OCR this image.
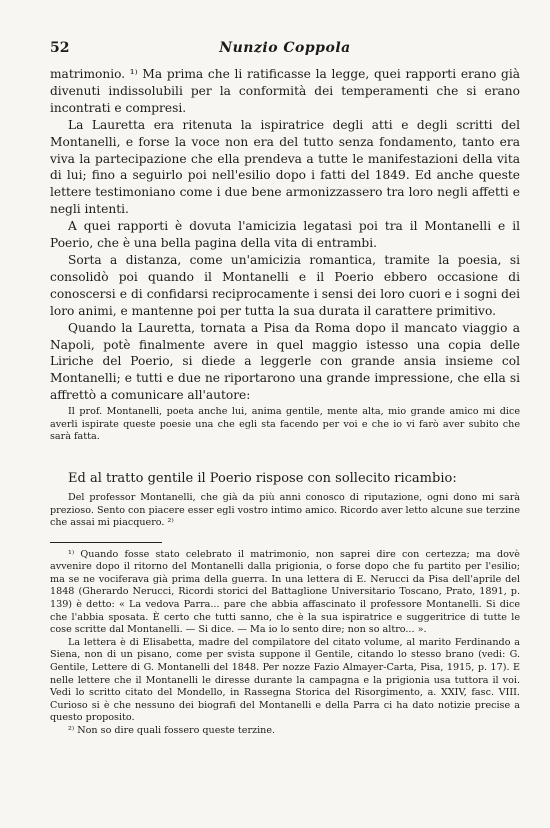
52	Nunzio Coppola

matrimonio. ¹⁾ Ma prima che li ratificasse la legge, quei rapporti erano già divenuti indissolubili per la conformità dei temperamenti che si erano incontrati e compresi.

La Lauretta era ritenuta la ispiratrice degli atti e degli scritti del Montanelli, e forse la voce non era del tutto senza fondamento, tanto era viva la partecipazione che ella prendeva a tutte le manifestazioni della vita di lui; fino a seguirlo poi nell'esilio dopo i fatti del 1849. Ed anche queste lettere testimoniano come i due bene armonizzassero tra loro negli affetti e negli intenti.

A quei rapporti è dovuta l'amicizia legatasi poi tra il Montanelli e il Poerio, che è una bella pagina della vita di entrambi.

Sorta a distanza, come un'amicizia romantica, tramite la poesia, si consolidò poi quando il Montanelli e il Poerio ebbero occasione di conoscersi e di confidarsi reciprocamente i sensi dei loro cuori e i sogni dei loro animi, e mantenne poi per tutta la sua durata il carattere primitivo.

Quando la Lauretta, tornata a Pisa da Roma dopo il mancato viaggio a Napoli, potè finalmente avere in quel maggio istesso una copia delle Liriche del Poerio, si diede a leggerle con grande ansia insieme col Montanelli; e tutti e due ne riportarono una grande impressione, che ella si affrettò a comunicare all'autore:

Il prof. Montanelli, poeta anche lui, anima gentile, mente alta, mio grande amico mi dice averli ispirate queste poesie una che egli sta facendo per voi e che io vi farò aver subito che sarà fatta.

Ed al tratto gentile il Poerio rispose con sollecito ricambio:

Del professor Montanelli, che già da più anni conosco di riputazione, ogni dono mi sarà prezioso. Sento con piacere esser egli vostro intimo amico. Ricordo aver letto alcune sue terzine che assai mi piacquero. ²⁾

¹⁾ Quando fosse stato celebrato il matrimonio, non saprei dire con certezza; ma dovè avvenire dopo il ritorno del Montanelli dalla prigionia, o forse dopo che fu partito per l'esilio; ma se ne vociferava già prima della guerra. In una lettera di E. Nerucci da Pisa dell'aprile del 1848 (Gherardo Nerucci, Ricordi storici del Battaglione Universitario Toscano, Prato, 1891, p. 139) è detto: « La vedova Parra... pare che abbia affascinato il professore Montanelli. Si dice che l'abbia sposata. È certo che tutti sanno, che è la sua ispiratrice e suggeritrice di tutte le cose scritte dal Montanelli. — Si dice. — Ma io lo sento dire; non so altro... ».

La lettera è di Elisabetta, madre del compilatore del citato volume, al marito Ferdinando a Siena, non di un pisano, come per svista suppone il Gentile, citando lo stesso brano (vedi: G. Gentile, Lettere di G. Montanelli del 1848. Per nozze Fazio Almayer-Carta, Pisa, 1915, p. 17). E nelle lettere che il Montanelli le diresse durante la campagna e la prigionia usa tuttora il voi. Vedi lo scritto citato del Mondello, in Rassegna Storica del Risorgimento, a. XXIV, fasc. VIII. Curioso si è che nessuno dei biografi del Montanelli e della Parra ci ha dato notizie precise a questo proposito.

²⁾ Non so dire quali fossero queste terzine.
